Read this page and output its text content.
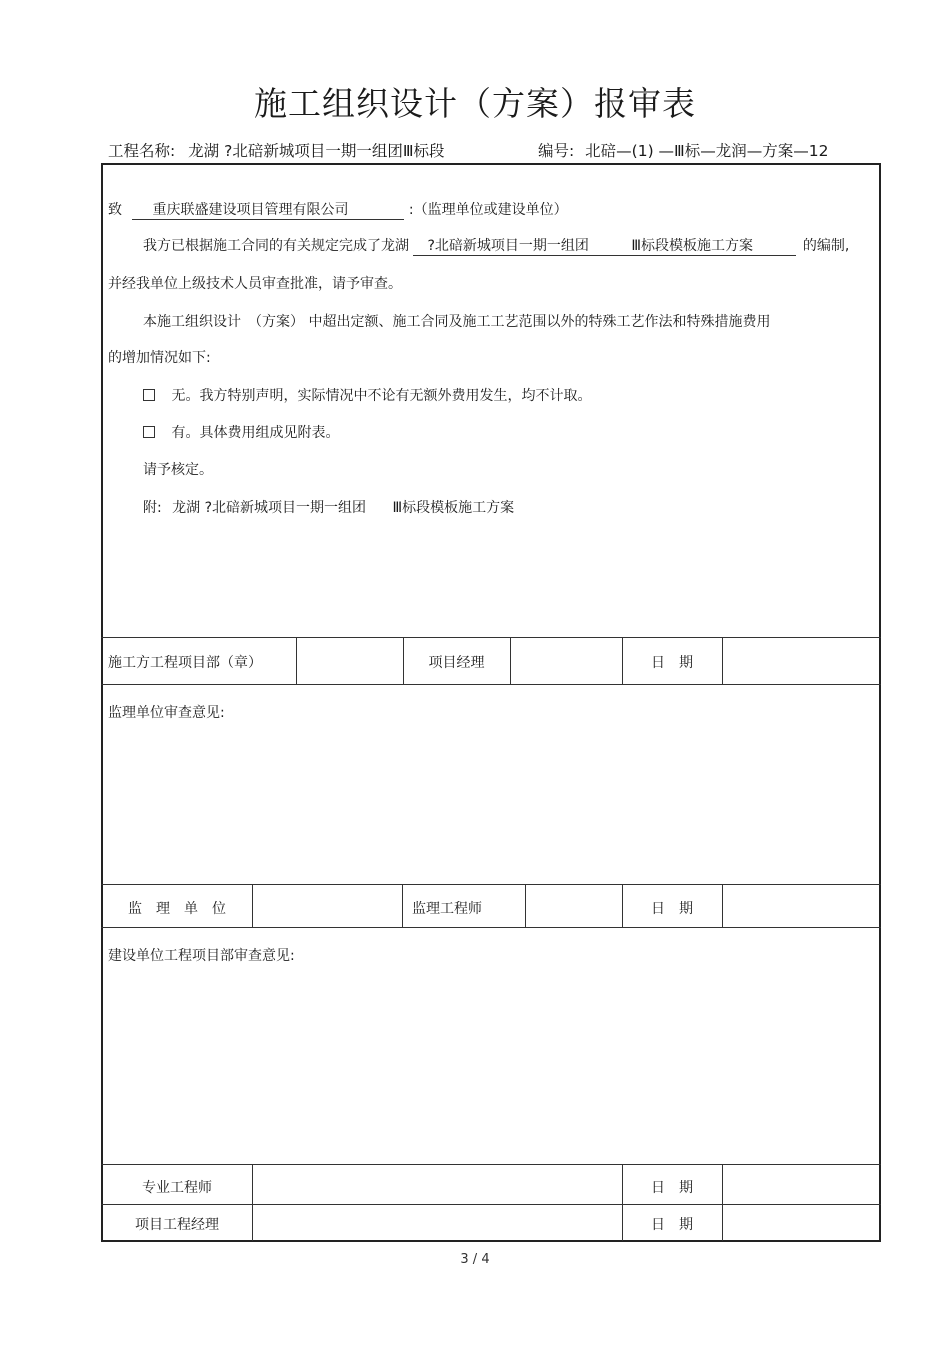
施工组织设计（方案）报审表
工程名称: 龙湖 ?北碚新城项目一期一组团Ⅲ标段	编号: 北碚—(1) —Ⅲ标—龙润—方案—12
致 重庆联盛建设项目管理有限公司	:（监理单位或建设单位）
我方已根据施工合同的有关规定完成了龙湖 ?北碚新城项目一期一组团	Ⅲ标段模板施工方案	的编制,
并经我单位上级技术人员审查批准，请予审查。
本施工组织设计　（方案） 中超出定额、施工合同及施工工艺范围以外的特殊工艺作法和特殊措施费用
的增加情况如下:
无。我方特别声明，实际情况中不论有无额外费用发生，均不计取。
有。具体费用组成见附表。
请予核定。
附: 龙湖 ?北碚新城项目一期一组团 Ⅲ标段模板施工方案
施工方工程项目部（章）	项目经理	日　期
监理单位审查意见:
监　理　单　位	监理工程师	日　期
建设单位工程项目部审查意见:
专业工程师	日　期
项目工程经理	日　期
3 / 4
